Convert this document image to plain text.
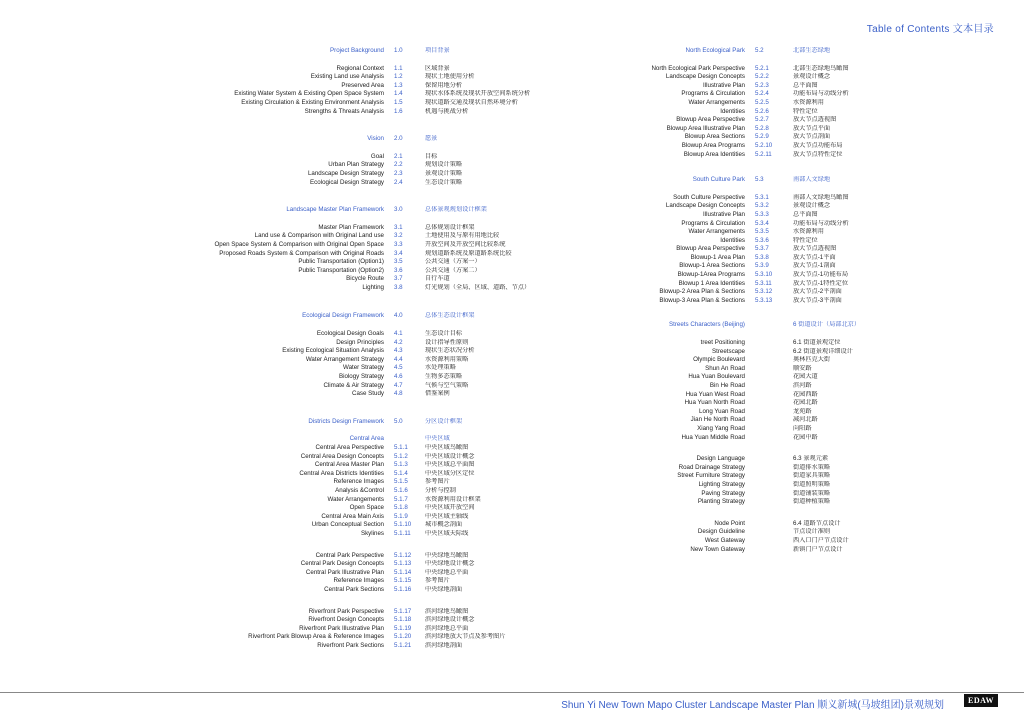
Table of Contents 文本目录
Project Background	1.0	项目背景
Regional Context	1.1	区域背景
Existing Land use Analysis	1.2	现状土地使用分析
Preserved Area	1.3	保留用地分析
Existing Water System & Existing Open Space System	1.4	现状水体系统及现状开放空间系统分析
Existing Circulation & Existing Environment Analysis	1.5	现状道路交通及现状自然环境分析
Strengths & Threats Analysis	1.6	机遇与挑战分析
Vision	2.0	愿景
Goal	2.1	目标
Urban Plan Strategy	2.2	规划设计策略
Landscape Design Strategy	2.3	景观设计策略
Ecological Design Strategy	2.4	生态设计策略
Landscape Master Plan Framework	3.0	总体景观规划设计框架
Master Plan Framework	3.1	总体规划设计框架
Land use & Comparison with Original Land use	3.2	土地使用及与原有用地比较
Open Space System & Comparison with Original Open Space	3.3	开放空间及开放空间比较系统
Proposed Roads System & Comparison with Original Roads	3.4	规划道路系统及原道路系统比较
Public Transportation (Option1)	3.5	公共交通（方案一）
Public Transportation (Option2)	3.6	公共交通（方案二）
Bicycle Route	3.7	自行车道
Lighting	3.8	灯光规划（全局、区域、道路、节点）
Ecological Design Framework	4.0	总体生态设计框架
Ecological Design Goals	4.1	生态设计目标
Design Principles	4.2	设计指导性原则
Existing Ecological Situation Analysis	4.3	现状生态状况分析
Water Arrangement Strategy	4.4	水资源利用策略
Water Strategy	4.5	水处理策略
Biology Strategy	4.6	生物多态策略
Climate & Air Strategy	4.7	气候与空气策略
Case Study	4.8	借鉴案例
Districts Design Framework	5.0	分区设计框架
Central Area	中央区域
Central Area Perspective	5.1.1	中央区域鸟瞰图
Central Area Design Concepts	5.1.2	中央区域设计概念
Central Area Master Plan	5.1.3	中央区域总平面图
Central Area Districts Identities	5.1.4	中央区域分区定位
Reference Images	5.1.5	参考图片
Analysis &Control	5.1.6	分析与控制
Water Arrangements	5.1.7	水资源利用设计框架
Open Space	5.1.8	中央区域开放空间
Central Area Main Axis	5.1.9	中央区域主轴线
Urban Conceptual Section	5.1.10	城市概念剖面
Skylines	5.1.11	中央区域天际线
Central Park Perspective	5.1.12	中央绿地鸟瞰图
Central Park Design Concepts	5.1.13	中央绿地设计概念
Central Park Illustrative Plan	5.1.14	中央绿地总平面
Reference Images	5.1.15	参考图片
Central Park Sections	5.1.16	中央绿地剖面
Riverfront Park Perspective	5.1.17	滨河绿地鸟瞰图
Riverfront Design Concepts	5.1.18	滨河绿地设计概念
Riverfront Park Illustrative Plan	5.1.19	滨河绿地总平面
Riverfront Park Blowup Area & Reference Images	5.1.20	滨河绿地放大节点及参考图片
Riverfront Park Sections	5.1.21	滨河绿地剖面
North Ecological Park	5.2	北部生态绿地
North Ecological Park Perspective	5.2.1	北部生态绿地鸟瞰图
Landscape Design Concepts	5.2.2	景观设计概念
Illustrative Plan	5.2.3	总平面图
Programs & Circulation	5.2.4	功能布局与动线分析
Water Arrangements	5.2.5	水资源利用
Identities	5.2.6	特性定位
Blowup Area Perspective	5.2.7	放大节点透视图
Blowup Area Illustrative Plan	5.2.8	放大节点平面
Blowup Area Sections	5.2.9	放大节点剖面
Blowup Area Programs	5.2.10	放大节点功能布局
Blowup Area Identities	5.2.11	放大节点特性定位
South Culture Park	5.3	南部人文绿地
South Culture Perspective	5.3.1	南部人文绿地鸟瞰图
Landscape Design Concepts	5.3.2	景观设计概念
Illustrative Plan	5.3.3	总平面图
Programs & Circulation	5.3.4	功能布局与动线分析
Water Arrangements	5.3.5	水资源利用
Identities	5.3.6	特性定位
Blowup Area Perspective	5.3.7	放大节点透视图
Blowup-1 Area Plan	5.3.8	放大节点-1平面
Blowup-1 Area Sections	5.3.9	放大节点-1剖面
Blowup-1Area Programs	5.3.10	放大节点-1功能布局
Blowup 1 Area Identities	5.3.11	放大节点-1特性定位
Blowup-2 Area Plan & Sections	5.3.12	放大节点-2平剖面
Blowup-3 Area Plan & Sections	5.3.13	放大节点-3平剖面
Streets Characters (Beijing)	6 街道设计（局部北京）
treet Positioning	6.1 街道景观定位
Streetscape	6.2 街道景观详细设计
Olympic Boulevard	奥林匹克大街
Shun An Road	顺安路
Hua Yuan Boulevard	花园大道
Bin He Road	滨河路
Hua Yuan West Road	花园西路
Hua Yuan North Road	花园北路
Long Yuan Road	龙苑路
Jian He North Road	减河北路
Xiang Yang Road	向阳路
Hua Yuan Middle Road	花园中路
Design Language	6.3 景观元素
Road Drainage Strategy	街道排水策略
Street Furniture Strategy	街道家具策略
Lighting Strategy	街道照明策略
Paving Strategy	街道铺装策略
Planting Strategy	街道种植策略
Node Point	6.4 道路节点设计
Design Guideline	节点设计准则
West Gateway	西入口门户节点设计
New Town Gateway	新镇门户节点设计
Shun Yi New Town Mapo Cluster Landscape Master Plan 顺义新城(马坡组团)景观规划	EDAW
